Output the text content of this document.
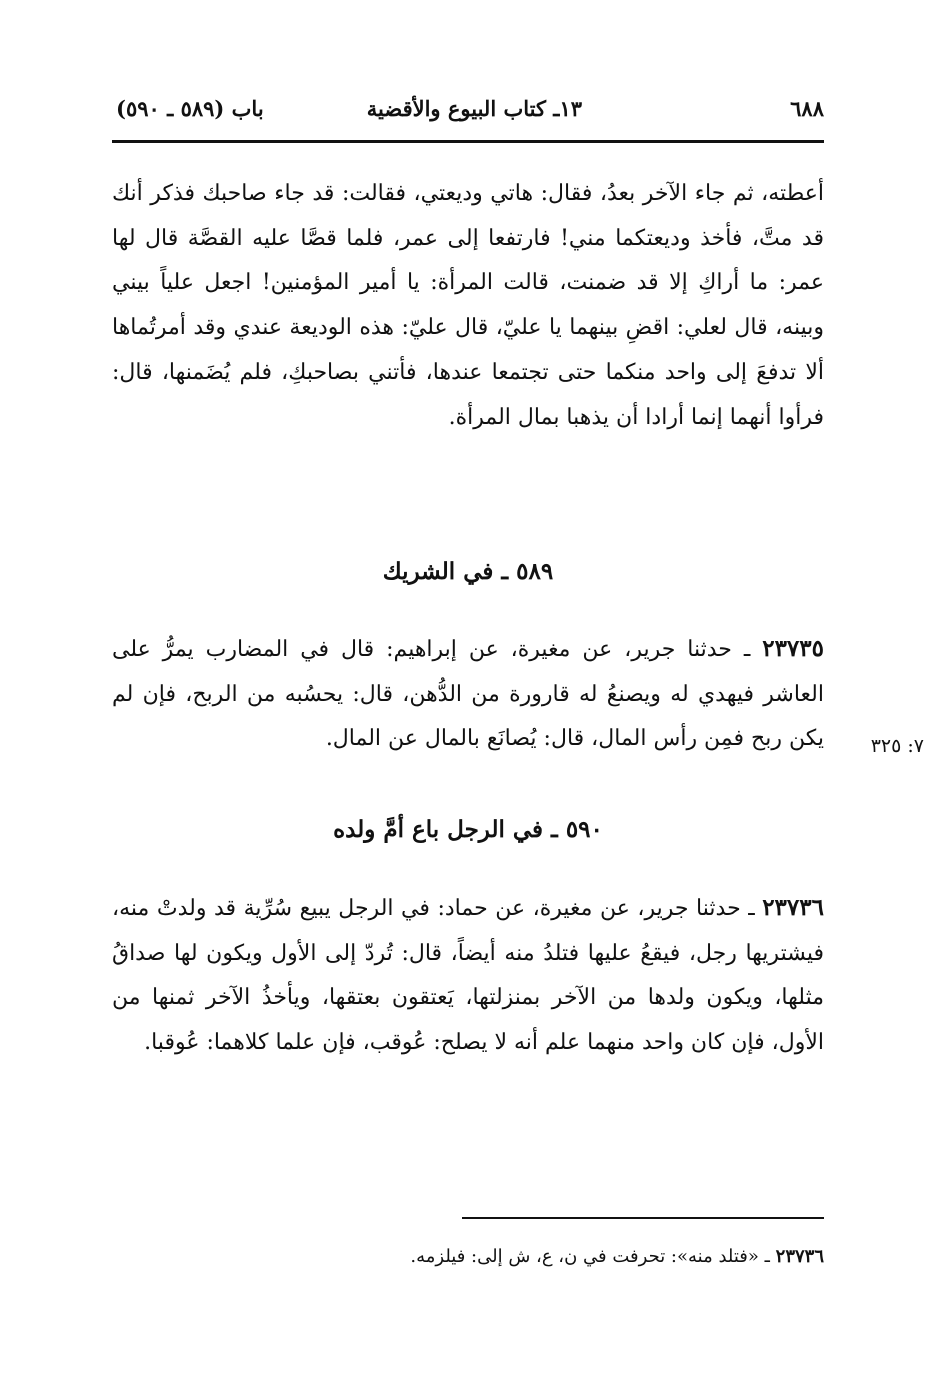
٦٨٨
١٣ـ كتاب البيوع والأقضية
باب (٥٨٩ ـ ٥٩٠)

أعطته، ثم جاء الآخر بعدُ، فقال: هاتي وديعتي، فقالت: قد جاء صاحبك فذكر أنك قد متَّ، فأخذ وديعتكما مني! فارتفعا إلى عمر، فلما قصَّا عليه القصَّة قال لها عمر: ما أراكِ إلا قد ضمنت، قالت المرأة: يا أمير المؤمنين! اجعل علياً بيني وبينه، قال لعلي: اقضِ بينهما يا عليّ، قال عليّ: هذه الوديعة عندي وقد أمرتُماها ألا تدفعَ إلى واحد منكما حتى تجتمعا عندها، فأتني بصاحبكِ، فلم يُضَمنها، قال: فرأوا أنهما إنما أرادا أن يذهبا بمال المرأة.

٥٨٩ ـ في الشريك

٢٣٧٣٥ ـ حدثنا جرير، عن مغيرة، عن إبراهيم: قال في المضارب يمرُّ على العاشر فيهدي له ويصنعُ له قارورة من الدُّهن، قال: يحسُبه من الربح، فإن لم يكن ربح فمِن رأس المال، قال: يُصانَع بالمال عن المال. ٧: ٣٢٥
٥٩٠ ـ في الرجل باع أمَّ ولده

٢٣٧٣٦ ـ حدثنا جرير، عن مغيرة، عن حماد: في الرجل يبيع سُرِّية قد ولدتْ منه، فيشتريها رجل، فيقعُ عليها فتلدُ منه أيضاً، قال: تُردّ إلى الأول ويكون لها صداقُ مثلها، ويكون ولدها من الآخر بمنزلتها، يَعتقون بعتقها، ويأخذُ الآخر ثمنها من الأول، فإن كان واحد منهما علم أنه لا يصلح: عُوقب، فإن علما كلاهما: عُوقبا.

٢٣٧٣٦ ـ «فتلد منه»: تحرفت في ن، ع، ش إلى: فيلزمه.
